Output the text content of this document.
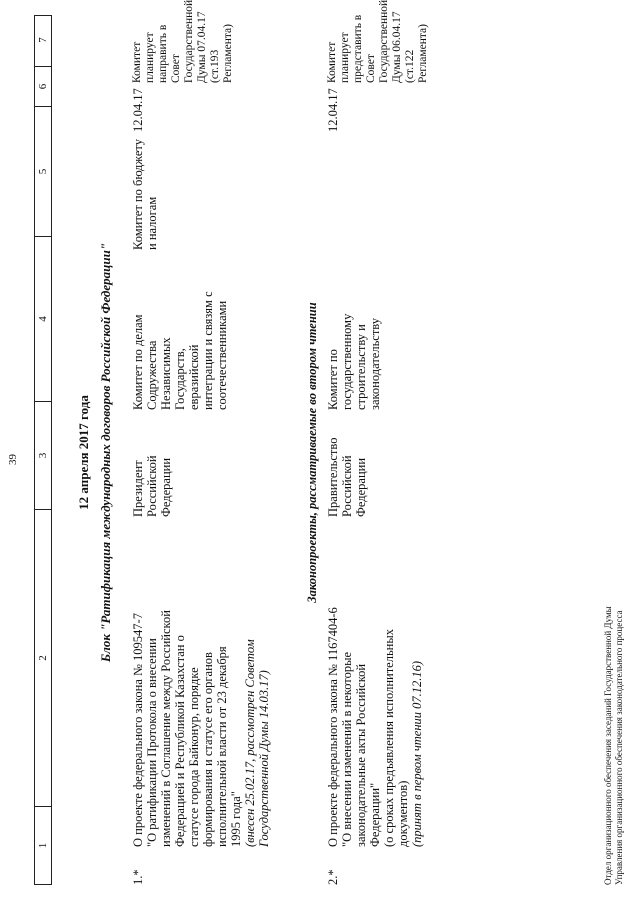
39
1
2
3
4
5
6
7
12 апреля 2017 года Блок "Ратификация международных договоров Российской Федерации"
1.*

О проекте федерального закона № 109547-7 "О ратификации Протокола о внесении изменений в Соглашение между Российской Федерацией и Республикой Казахстан о статусе города Байконур, порядке формирования и статусе его органов исполнительной власти от 23 декабря 1995 года" (внесен 25.02.17, рассмотрен Советом Государственной Думы 14.03.17)

Президент Российской Федерации

Комитет по делам Содружества Независимых Государств, евразийской интеграции и связям с соотечественниками

Комитет по бюджету и налогам

12.04.17

Комитет планирует направить в Совет Государственной Думы 07.04.17 (ст.193 Регламента)

Законопроекты, рассматриваемые во втором чтении
2.*

О проекте федерального закона № 1167404-6 "О внесении изменений в некоторые законодательные акты Российской Федерации" (о сроках предъявления исполнительных документов) (принят в первом чтении 07.12.16)

Правительство Российской Федерации

Комитет по государственному строительству и законодательству

12.04.17

Комитет планирует представить в Совет Государственной Думы 06.04.17 (ст.122 Регламента)

Отдел организационного обеспечения заседаний Государственной Думы Управления организационного обеспечения законодательного процесса
